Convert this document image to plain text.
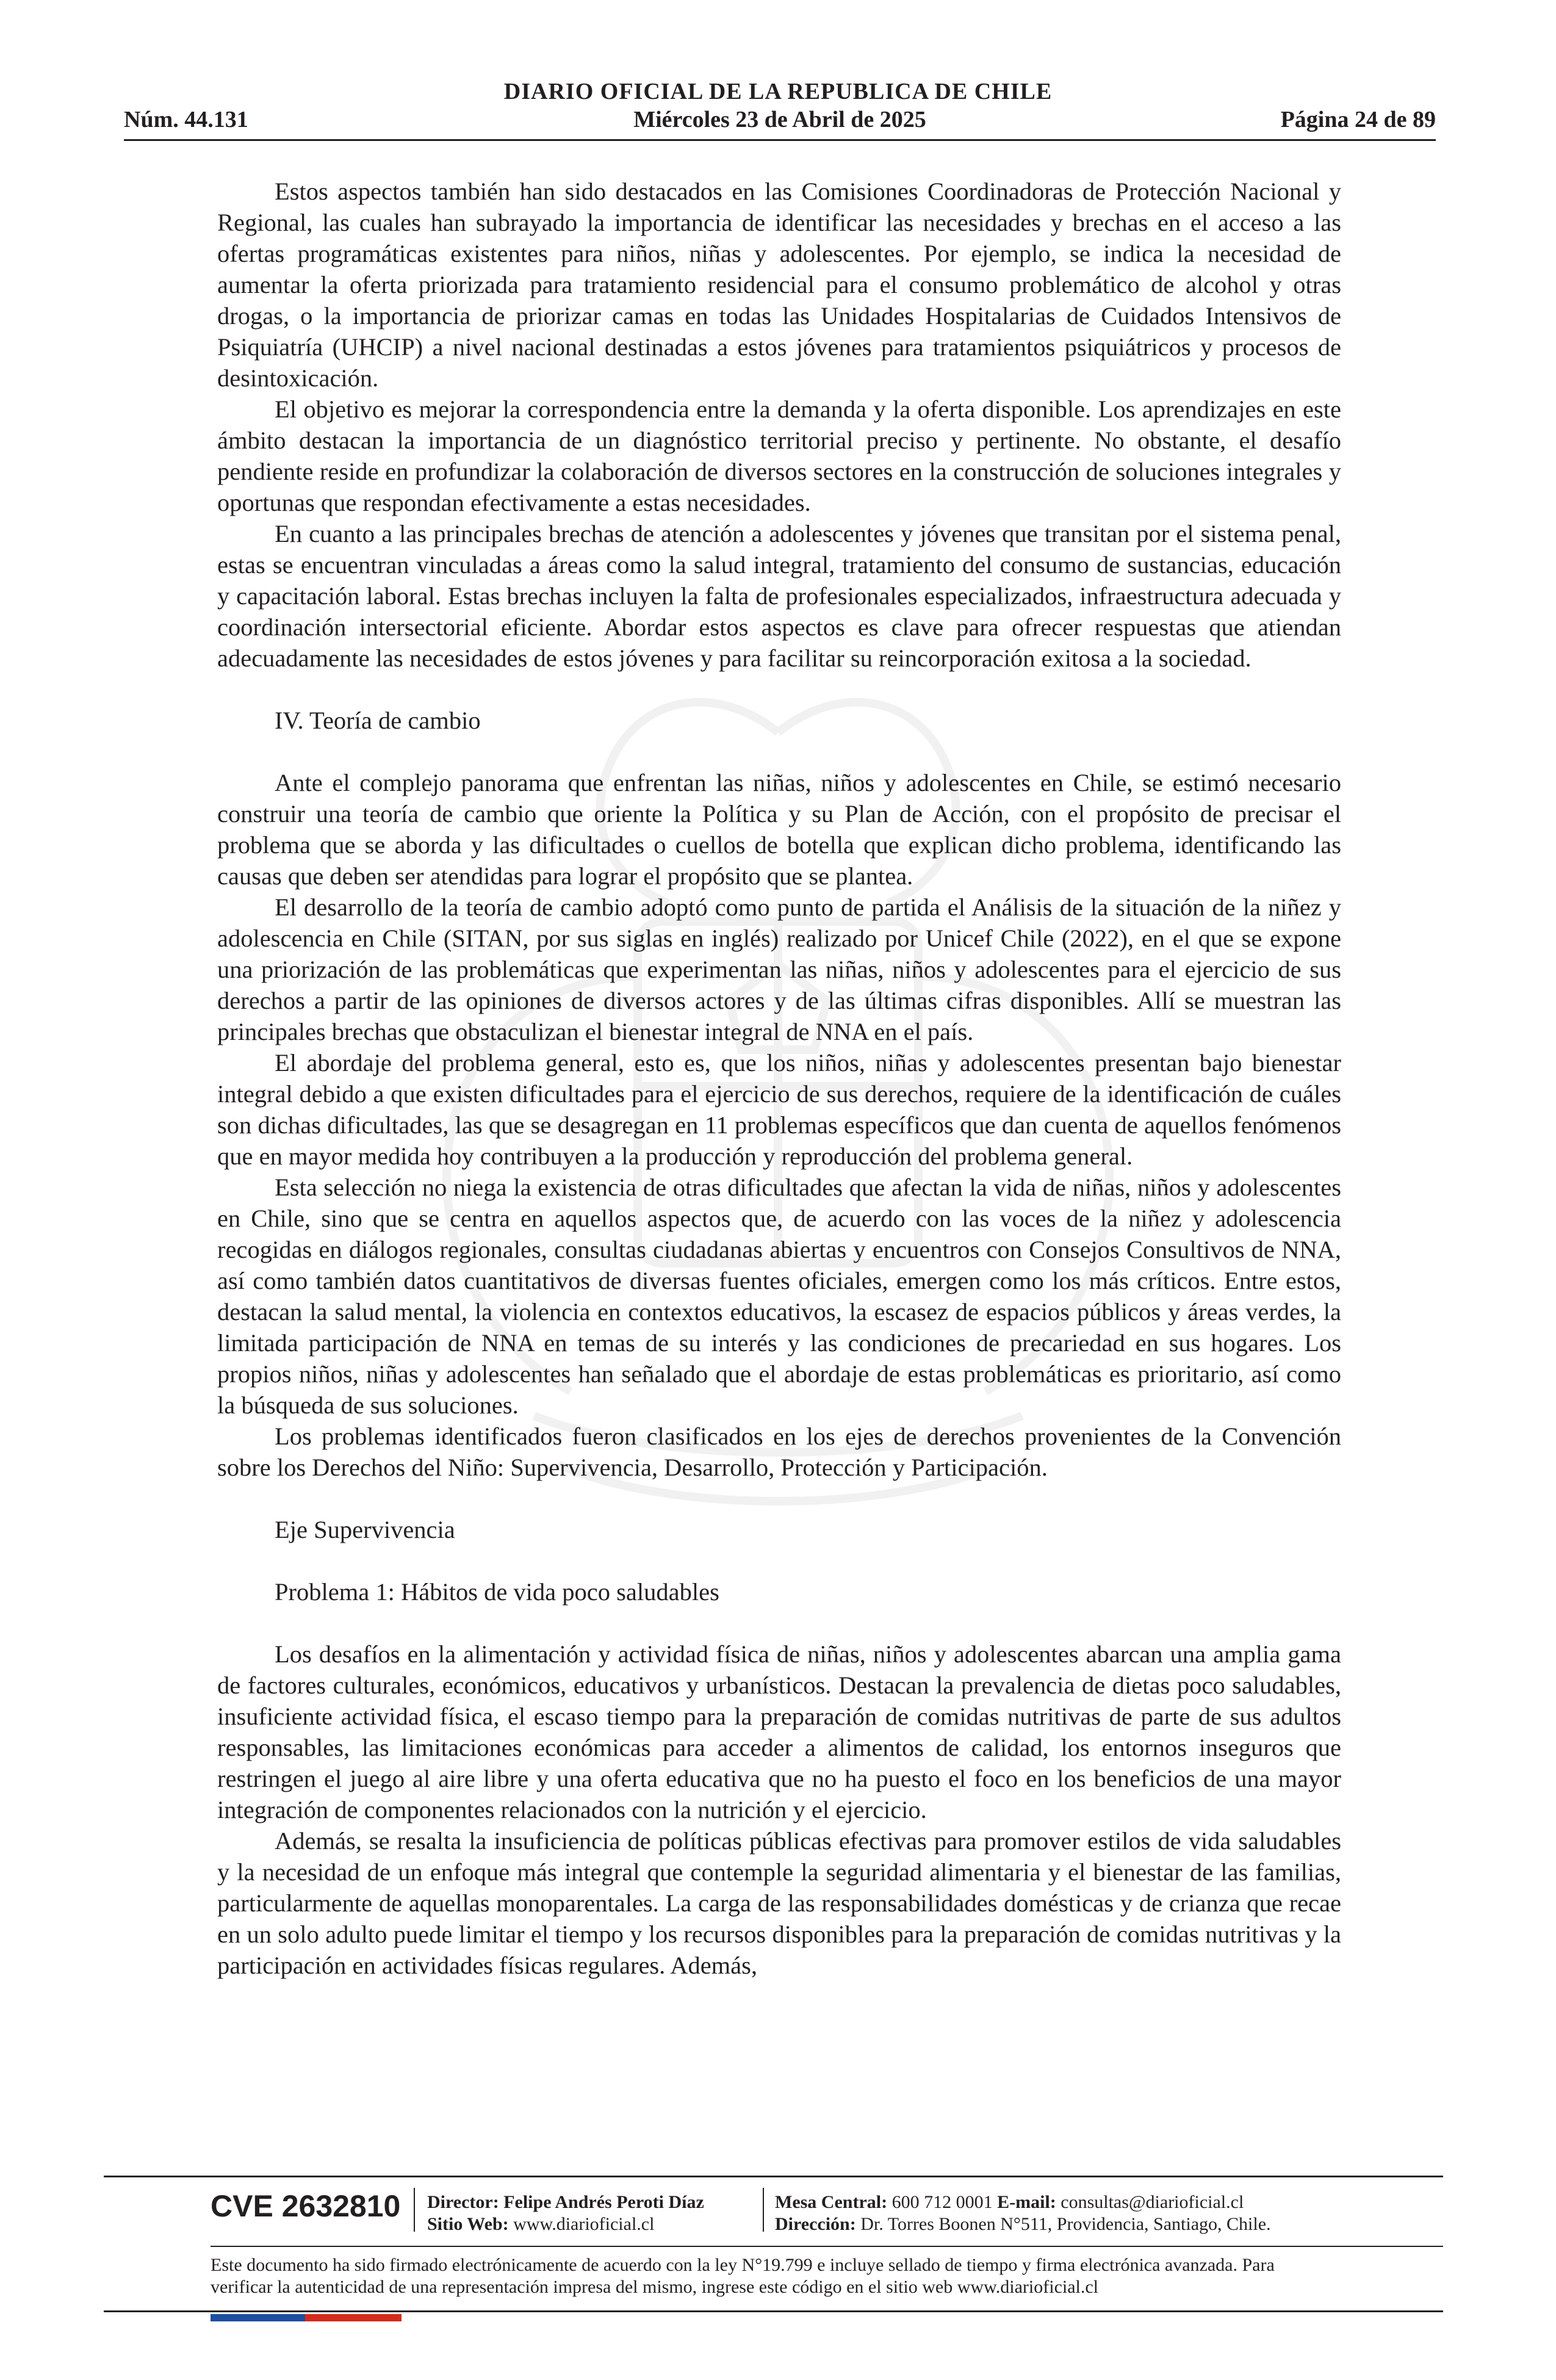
DIARIO OFICIAL DE LA REPUBLICA DE CHILE
Núm. 44.131	Miércoles 23 de Abril de 2025	Página 24 de 89

Estos aspectos también han sido destacados en las Comisiones Coordinadoras de Protección Nacional y Regional, las cuales han subrayado la importancia de identificar las necesidades y brechas en el acceso a las ofertas programáticas existentes para niños, niñas y adolescentes. Por ejemplo, se indica la necesidad de aumentar la oferta priorizada para tratamiento residencial para el consumo problemático de alcohol y otras drogas, o la importancia de priorizar camas en todas las Unidades Hospitalarias de Cuidados Intensivos de Psiquiatría (UHCIP) a nivel nacional destinadas a estos jóvenes para tratamientos psiquiátricos y procesos de desintoxicación.

El objetivo es mejorar la correspondencia entre la demanda y la oferta disponible. Los aprendizajes en este ámbito destacan la importancia de un diagnóstico territorial preciso y pertinente. No obstante, el desafío pendiente reside en profundizar la colaboración de diversos sectores en la construcción de soluciones integrales y oportunas que respondan efectivamente a estas necesidades.

En cuanto a las principales brechas de atención a adolescentes y jóvenes que transitan por el sistema penal, estas se encuentran vinculadas a áreas como la salud integral, tratamiento del consumo de sustancias, educación y capacitación laboral. Estas brechas incluyen la falta de profesionales especializados, infraestructura adecuada y coordinación intersectorial eficiente. Abordar estos aspectos es clave para ofrecer respuestas que atiendan adecuadamente las necesidades de estos jóvenes y para facilitar su reincorporación exitosa a la sociedad.

IV. Teoría de cambio

Ante el complejo panorama que enfrentan las niñas, niños y adolescentes en Chile, se estimó necesario construir una teoría de cambio que oriente la Política y su Plan de Acción, con el propósito de precisar el problema que se aborda y las dificultades o cuellos de botella que explican dicho problema, identificando las causas que deben ser atendidas para lograr el propósito que se plantea.

El desarrollo de la teoría de cambio adoptó como punto de partida el Análisis de la situación de la niñez y adolescencia en Chile (SITAN, por sus siglas en inglés) realizado por Unicef Chile (2022), en el que se expone una priorización de las problemáticas que experimentan las niñas, niños y adolescentes para el ejercicio de sus derechos a partir de las opiniones de diversos actores y de las últimas cifras disponibles. Allí se muestran las principales brechas que obstaculizan el bienestar integral de NNA en el país.

El abordaje del problema general, esto es, que los niños, niñas y adolescentes presentan bajo bienestar integral debido a que existen dificultades para el ejercicio de sus derechos, requiere de la identificación de cuáles son dichas dificultades, las que se desagregan en 11 problemas específicos que dan cuenta de aquellos fenómenos que en mayor medida hoy contribuyen a la producción y reproducción del problema general.

Esta selección no niega la existencia de otras dificultades que afectan la vida de niñas, niños y adolescentes en Chile, sino que se centra en aquellos aspectos que, de acuerdo con las voces de la niñez y adolescencia recogidas en diálogos regionales, consultas ciudadanas abiertas y encuentros con Consejos Consultivos de NNA, así como también datos cuantitativos de diversas fuentes oficiales, emergen como los más críticos. Entre estos, destacan la salud mental, la violencia en contextos educativos, la escasez de espacios públicos y áreas verdes, la limitada participación de NNA en temas de su interés y las condiciones de precariedad en sus hogares. Los propios niños, niñas y adolescentes han señalado que el abordaje de estas problemáticas es prioritario, así como la búsqueda de sus soluciones.

Los problemas identificados fueron clasificados en los ejes de derechos provenientes de la Convención sobre los Derechos del Niño: Supervivencia, Desarrollo, Protección y Participación.

Eje Supervivencia
Problema 1: Hábitos de vida poco saludables

Los desafíos en la alimentación y actividad física de niñas, niños y adolescentes abarcan una amplia gama de factores culturales, económicos, educativos y urbanísticos. Destacan la prevalencia de dietas poco saludables, insuficiente actividad física, el escaso tiempo para la preparación de comidas nutritivas de parte de sus adultos responsables, las limitaciones económicas para acceder a alimentos de calidad, los entornos inseguros que restringen el juego al aire libre y una oferta educativa que no ha puesto el foco en los beneficios de una mayor integración de componentes relacionados con la nutrición y el ejercicio.

Además, se resalta la insuficiencia de políticas públicas efectivas para promover estilos de vida saludables y la necesidad de un enfoque más integral que contemple la seguridad alimentaria y el bienestar de las familias, particularmente de aquellas monoparentales. La carga de las responsabilidades domésticas y de crianza que recae en un solo adulto puede limitar el tiempo y los recursos disponibles para la preparación de comidas nutritivas y la participación en actividades físicas regulares. Además,

CVE 2632810 Director: Felipe Andrés Peroti Díaz
Sitio Web: www.diarioficial.cl
Mesa Central: 600 712 0001 E-mail: consultas@diarioficial.cl
Dirección: Dr. Torres Boonen N°511, Providencia, Santiago, Chile.
Este documento ha sido firmado electrónicamente de acuerdo con la ley N°19.799 e incluye sellado de tiempo y firma electrónica avanzada. Para verificar la autenticidad de una representación impresa del mismo, ingrese este código en el sitio web www.diarioficial.cl
